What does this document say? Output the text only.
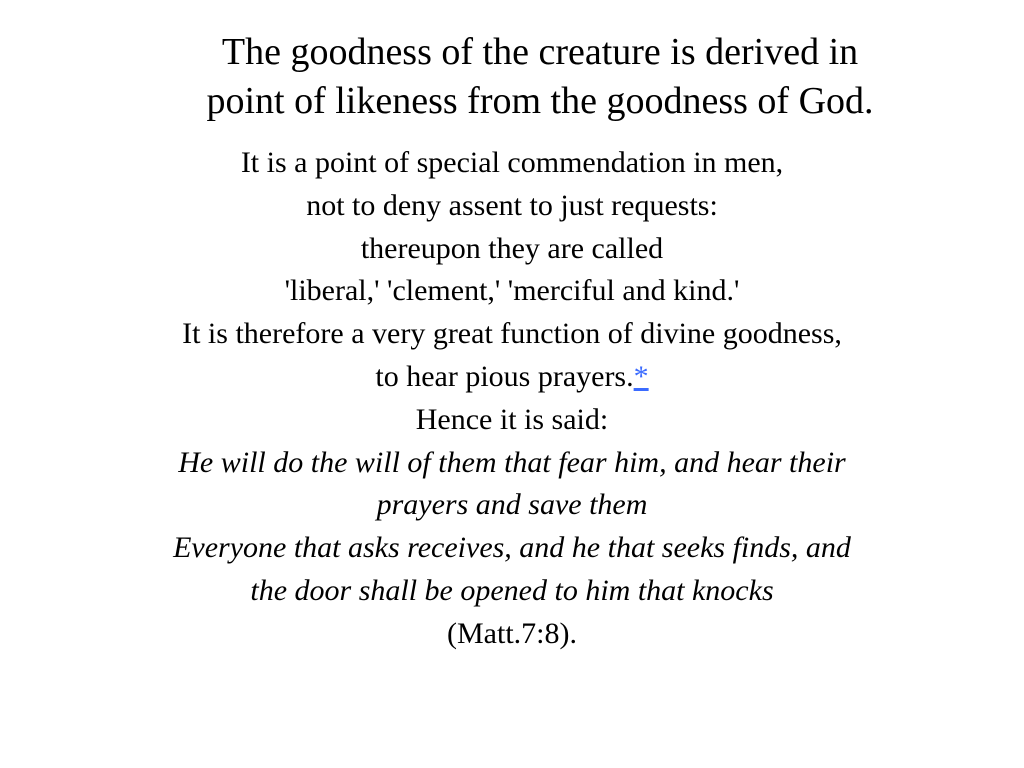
The goodness of the creature is derived in
point of likeness from the goodness of God.
It is a point of special commendation in men,
not to deny assent to just requests:
thereupon they are called
'liberal,' 'clement,' 'merciful and kind.'
It is therefore a very great function of divine goodness,
to hear pious prayers.*
Hence it is said:
He will do the will of them that fear him, and hear their
prayers and save them
Everyone that asks receives, and he that seeks finds, and
the door shall be opened to him that knocks
(Matt.7:8).
